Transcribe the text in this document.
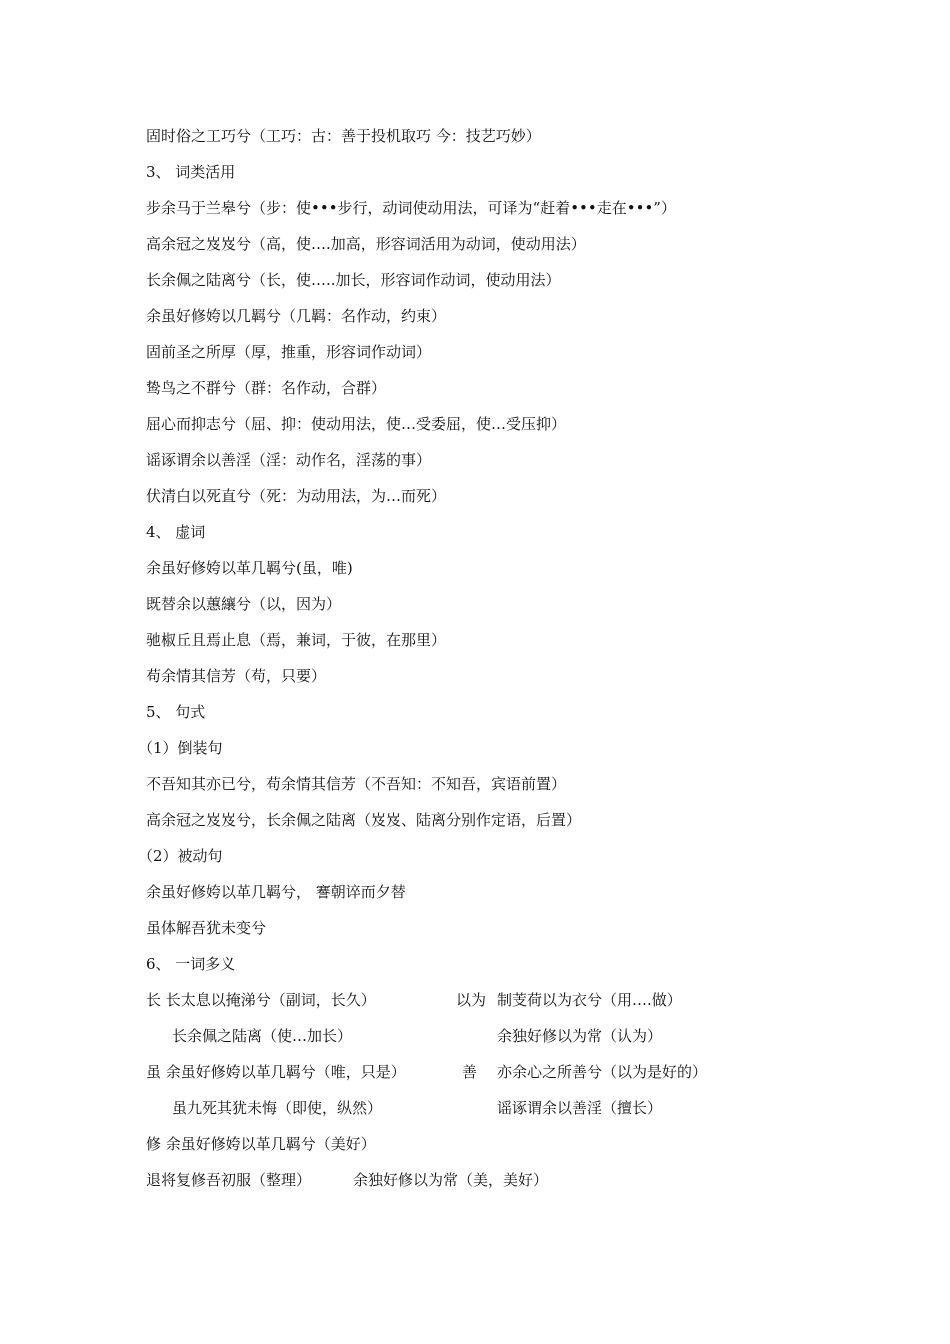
固时俗之工巧兮（工巧：古：善于投机取巧 今：技艺巧妙）
3、 词类活用
步余马于兰皋兮（步：使•••步行，动词使动用法，可译为“赶着•••走在•••”）
高余冠之岌岌兮（高，使….加高，形容词活用为动词，使动用法）
长余佩之陆离兮（长，使…..加长，形容词作动词，使动用法）
余虽好修姱以几羁兮（几羁：名作动，约束）
固前圣之所厚（厚，推重，形容词作动词）
鸷鸟之不群兮（群：名作动，合群）
屈心而抑志兮（屈、抑：使动用法，使…受委屈，使…受压抑）
谣诼谓余以善淫（淫：动作名，淫荡的事）
伏清白以死直兮（死：为动用法，为…而死）
4、 虚词
余虽好修姱以革几羁兮(虽，唯)
既替余以蕙纕兮（以，因为）
驰椒丘且焉止息（焉，兼词，于彼，在那里）
苟余情其信芳（苟，只要）
5、 句式
（1）倒装句
不吾知其亦已兮，苟余情其信芳（不吾知：不知吾，宾语前置）
高余冠之岌岌兮，长余佩之陆离（岌岌、陆离分别作定语，后置）
（2）被动句
余虽好修姱以革几羁兮， 謇朝谇而夕替
虽体解吾犹未变兮
6、 一词多义
长 长太息以掩涕兮（副词，长久）	以为 制芰荷以为衣兮（用….做）
长余佩之陆离（使…加长）	余独好修以为常（认为）
虽 余虽好修姱以革几羁兮（唯，只是）	善 亦余心之所善兮（以为是好的）
虽九死其犹未悔（即使，纵然）	谣诼谓余以善淫（擅长）
修 余虽好修姱以革几羁兮（美好）
退将复修吾初服（整理）	余独好修以为常（美，美好）
